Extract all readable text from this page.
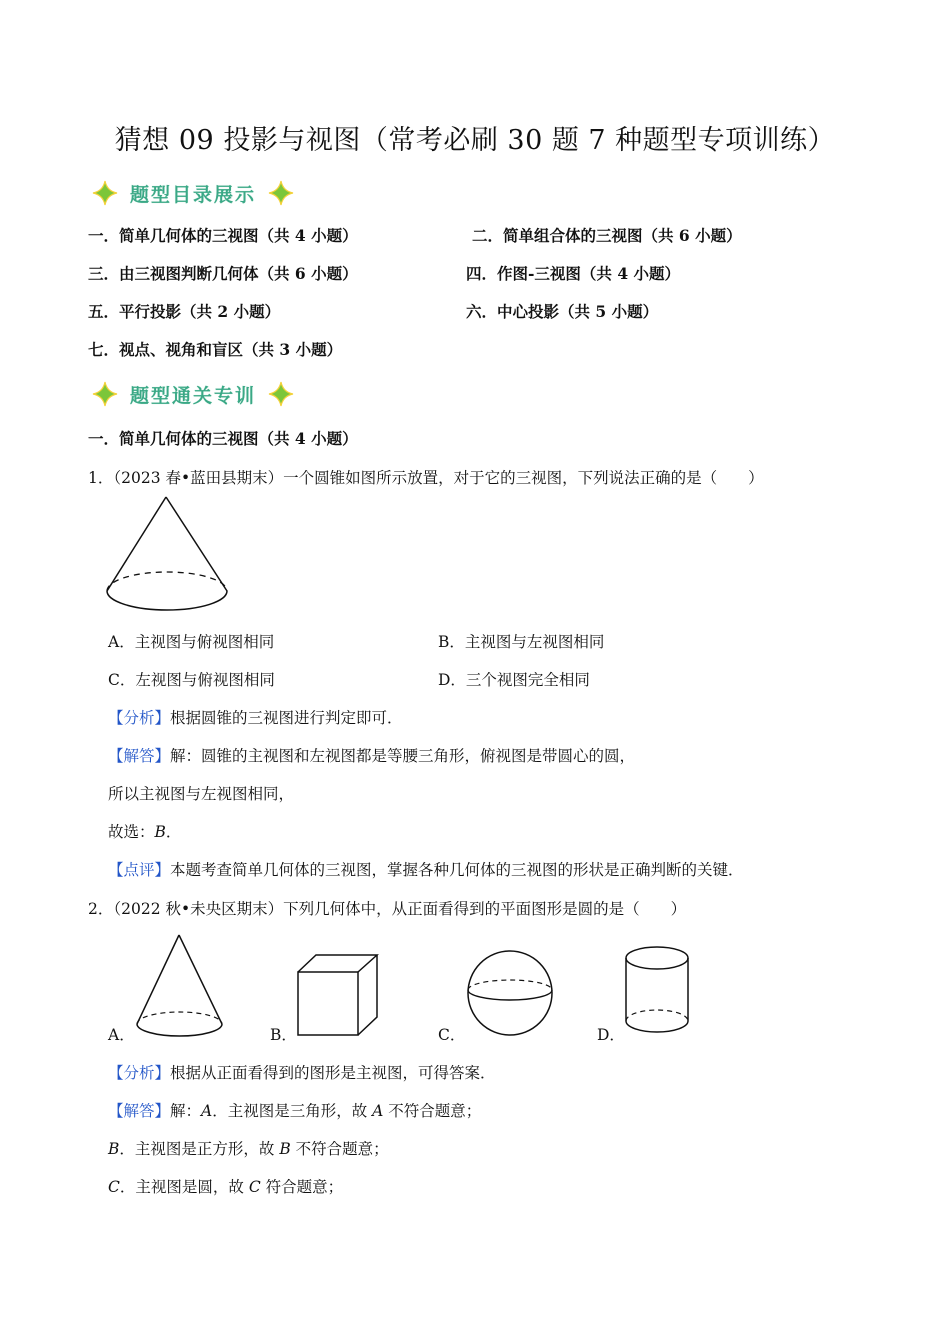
猜想 09 投影与视图（常考必刷 30 题 7 种题型专项训练）
题型目录展示
一．简单几何体的三视图（共 4 小题）	二．简单组合体的三视图（共 6 小题）
三．由三视图判断几何体（共 6 小题）	四．作图-三视图（共 4 小题）
五．平行投影（共 2 小题）	六．中心投影（共 5 小题）
七．视点、视角和盲区（共 3 小题）
题型通关专训
一．简单几何体的三视图（共 4 小题）
1．（2023 春•蓝田县期末）一个圆锥如图所示放置，对于它的三视图，下列说法正确的是（　　）
A．主视图与俯视图相同	B．主视图与左视图相同
C．左视图与俯视图相同	D．三个视图完全相同
【分析】根据圆锥的三视图进行判定即可．
【解答】解：圆锥的主视图和左视图都是等腰三角形，俯视图是带圆心的圆，
所以主视图与左视图相同，
故选：B．
【点评】本题考查简单几何体的三视图，掌握各种几何体的三视图的形状是正确判断的关键．
2．（2022 秋•未央区期末）下列几何体中，从正面看得到的平面图形是圆的是（　　）
A．	B．	C．	D．
【分析】根据从正面看得到的图形是主视图，可得答案．
【解答】解：A．主视图是三角形，故 A 不符合题意；
B．主视图是正方形，故 B 不符合题意；
C．主视图是圆，故 C 符合题意；
